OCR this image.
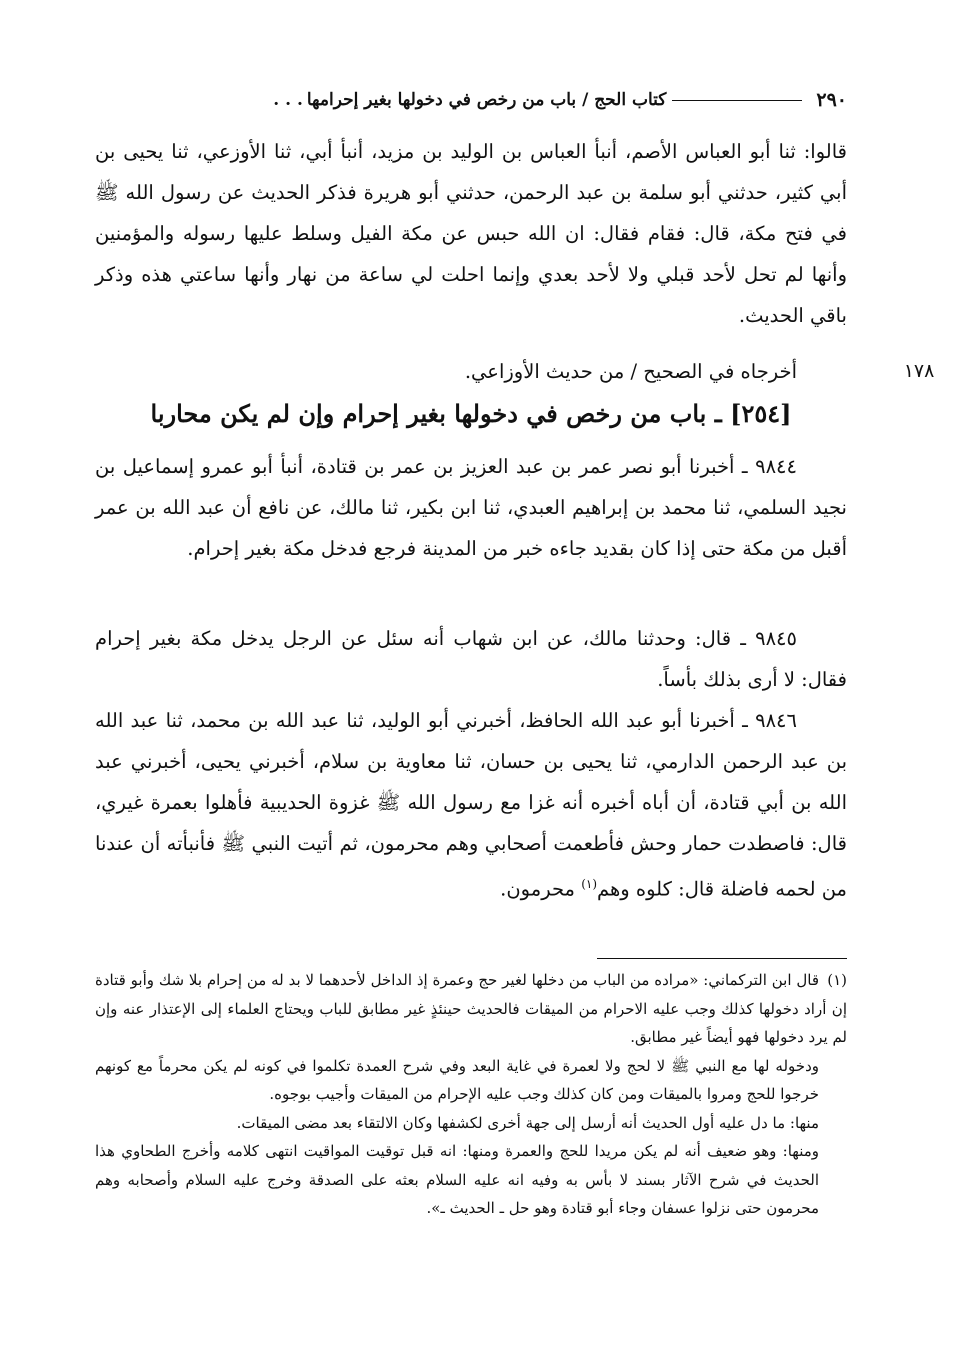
٢٩٠
كتاب الحج / باب من رخص في دخولها بغير إحرامها
. . .
قالوا: ثنا أبو العباس الأصم، أنبأ العباس بن الوليد بن مزيد، أنبأ أبي، ثنا الأوزعي، ثنا يحيى بن أبي كثير، حدثني أبو سلمة بن عبد الرحمن، حدثني أبو هريرة فذكر الحديث عن رسول الله ﷺ في فتح مكة، قال: فقام فقال: ان الله حبس عن مكة الفيل وسلط عليها رسوله والمؤمنين وأنها لم تحل لأحد قبلي ولا لأحد بعدي وإنما احلت لي ساعة من نهار وأنها ساعتي هذه وذكر باقي الحديث.
١٧٨
أخرجاه في الصحيح / من حديث الأوزاعي.
[٢٥٤] ـ باب من رخص في دخولها بغير إحرام وإن لم يكن محاربا
٩٨٤٤ ـ أخبرنا أبو نصر عمر بن عبد العزيز بن عمر بن قتادة، أنبأ أبو عمرو إسماعيل بن نجيد السلمي، ثنا محمد بن إبراهيم العبدي، ثنا ابن بكير، ثنا مالك، عن نافع أن عبد الله بن عمر أقبل من مكة حتى إذا كان بقديد جاءه خبر من المدينة فرجع فدخل مكة بغير إحرام.
٩٨٤٥ ـ قال: وحدثنا مالك، عن ابن شهاب أنه سئل عن الرجل يدخل مكة بغير إحرام فقال: لا أرى بذلك بأساً.
٩٨٤٦ ـ أخبرنا أبو عبد الله الحافظ، أخبرني أبو الوليد، ثنا عبد الله بن محمد، ثنا عبد الله بن عبد الرحمن الدارمي، ثنا يحيى بن حسان، ثنا معاوية بن سلام، أخبرني يحيى، أخبرني عبد الله بن أبي قتادة، أن أباه أخبره أنه غزا مع رسول الله ﷺ غزوة الحديبية فأهلوا بعمرة غيري، قال: فاصطدت حمار وحش فأطعمت أصحابي وهم محرمون، ثم أتيت النبي ﷺ فأنبأته أن عندنا من لحمه فاضلة قال: كلوه وهم$^{(١)}$ محرمون.

(١)قال ابن التركماني: «مراده من الباب من دخلها لغير حج وعمرة إذ الداخل لأحدهما لا بد له من إحرام بلا شك وأبو قتادة إن أراد دخولها كذلك وجب عليه الاحرام من الميقات فالحديث حينئذٍ غير مطابق للباب ويحتاج العلماء إلى الإعتذار عنه وإن لم يرد دخولها فهو أيضاً غير مطابق.

ودخوله لها مع النبي ﷺ لا لحج ولا لعمرة في غاية البعد وفي شرح العمدة تكلموا في كونه لم يكن محرماً مع كونهم خرجوا للحج ومروا بالميقات ومن كان كذلك وجب عليه الإحرام من الميقات وأجيب بوجوه.

منها: ما دل عليه أول الحديث أنه أرسل إلى جهة أخرى لكشفها وكان الالتقاء بعد مضى الميقات.

ومنها: وهو ضعيف أنه لم يكن مريدا للحج والعمرة ومنها: انه قبل توقيت المواقيت انتهى كلامه وأخرج الطحاوي هذا الحديث في شرح الآثار بسند لا بأس به وفيه انه عليه السلام بعثه على الصدقة وخرج عليه السلام وأصحابه وهم محرمون حتى نزلوا عسفان وجاء أبو قتادة وهو حل ـ الحديث ـ».
